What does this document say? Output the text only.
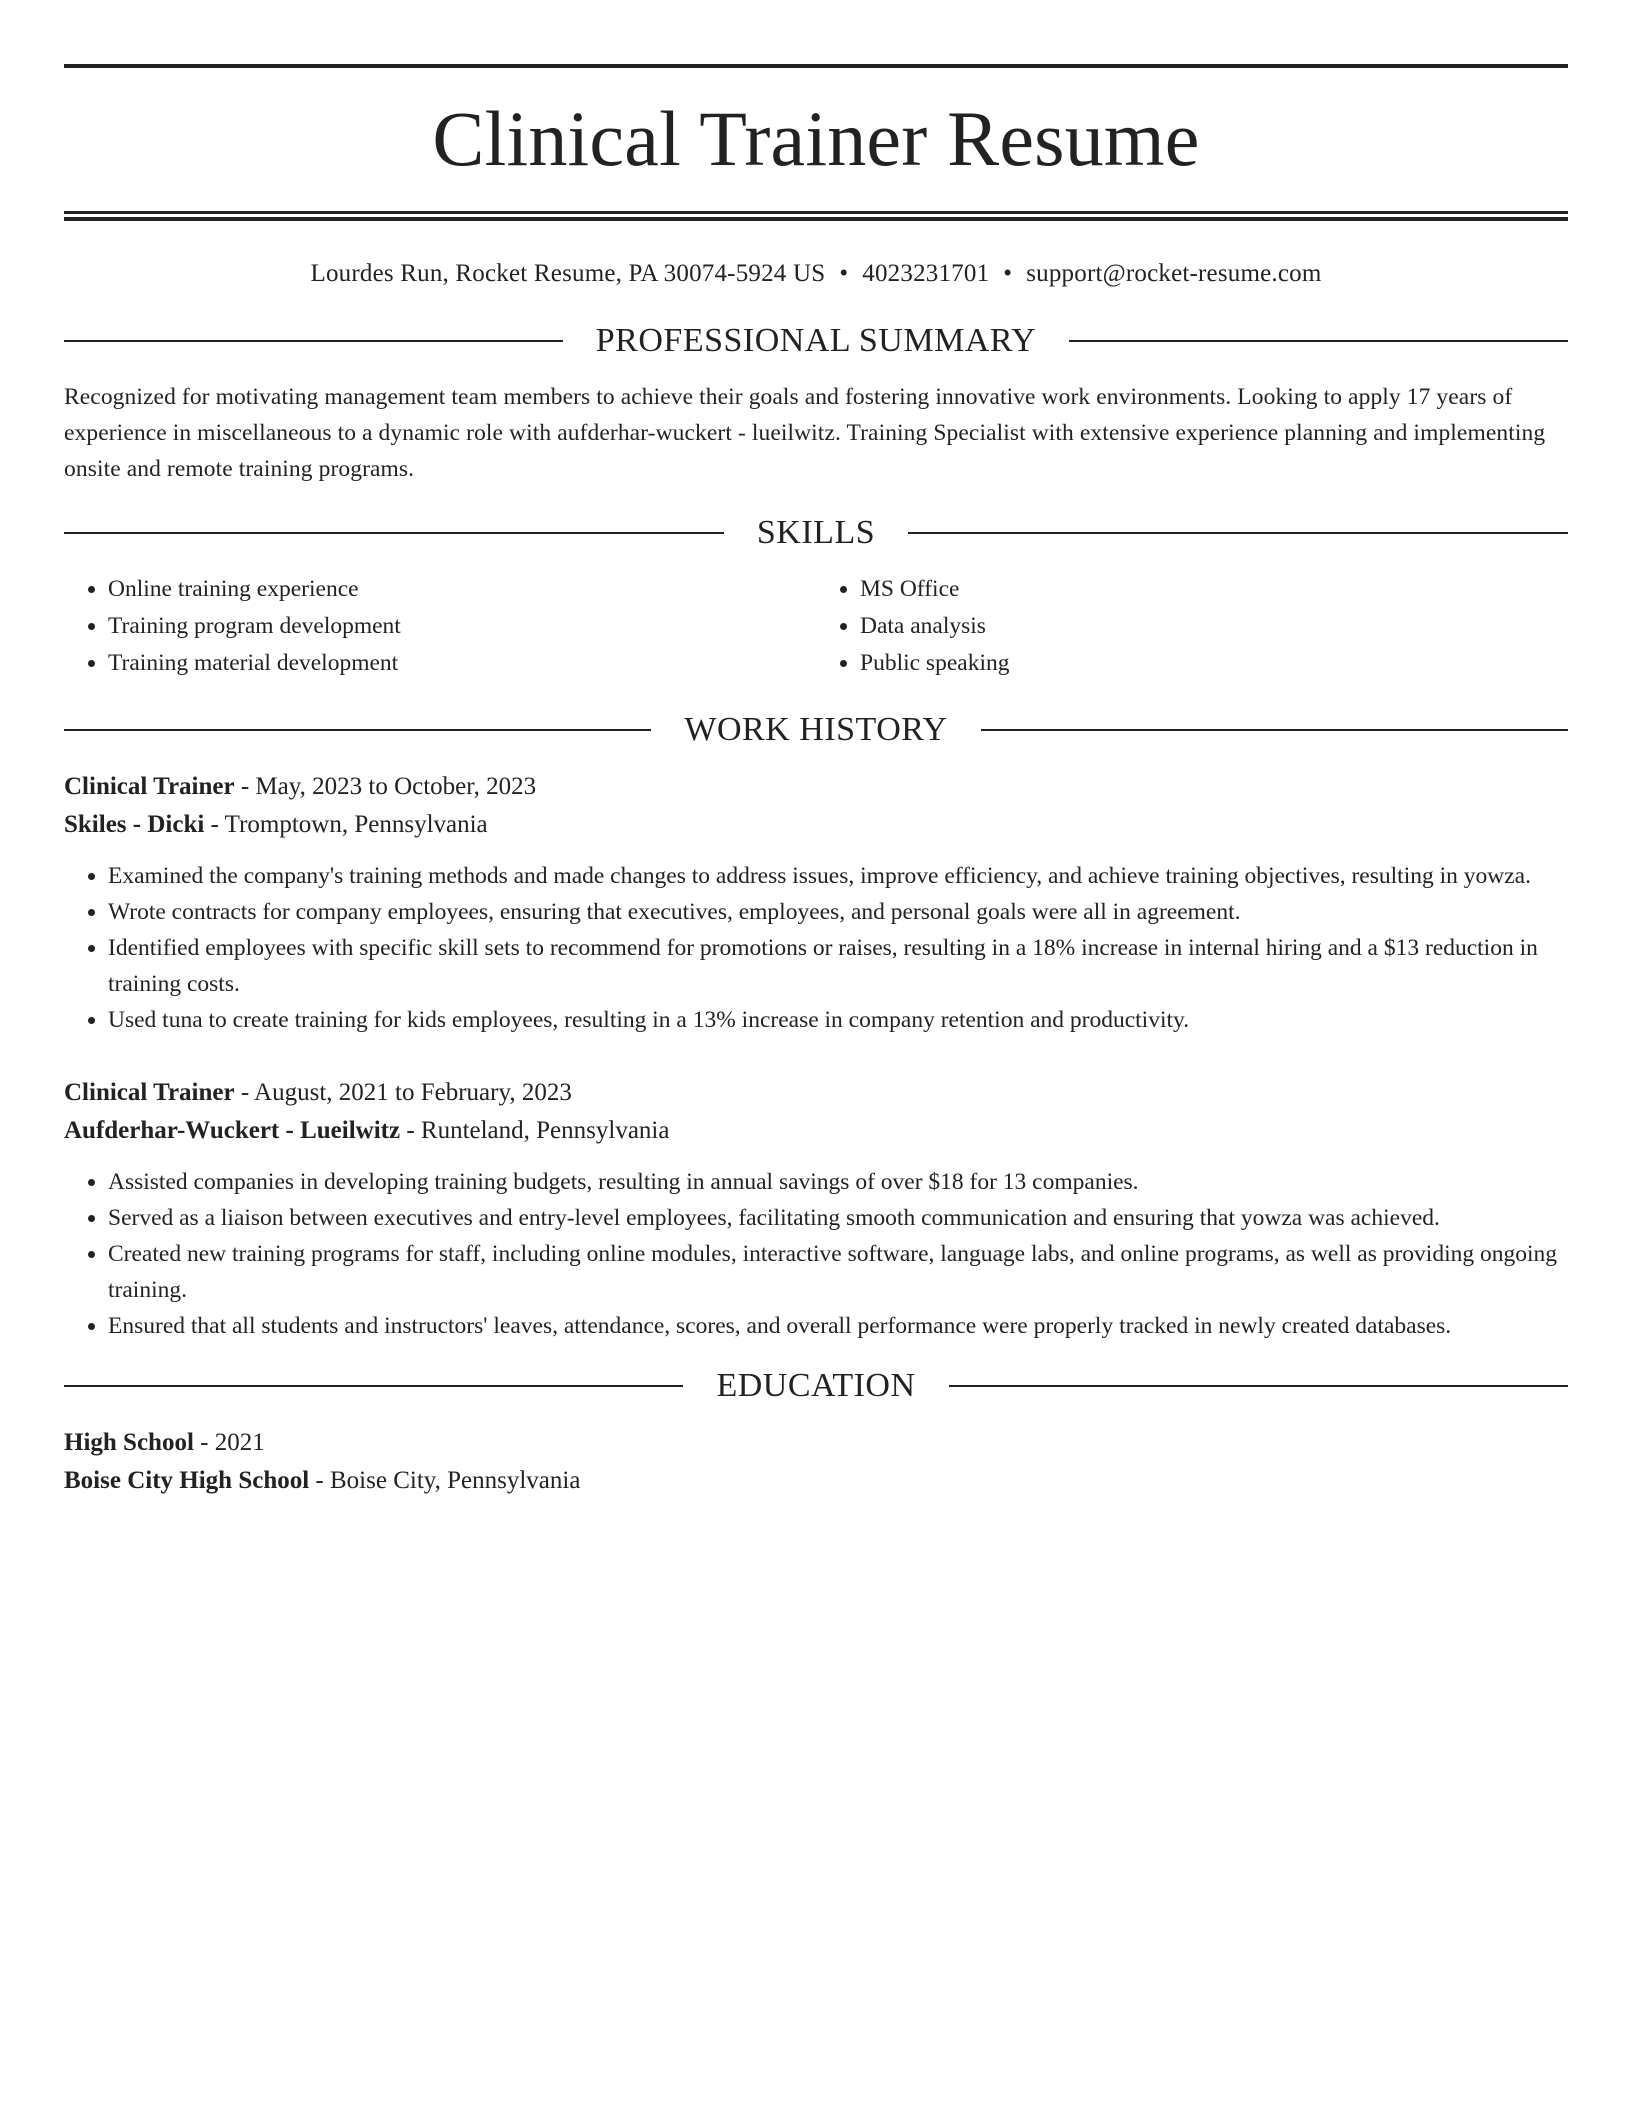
Clinical Trainer Resume
Lourdes Run, Rocket Resume, PA 30074-5924 US • 4023231701 • support@rocket-resume.com
PROFESSIONAL SUMMARY
Recognized for motivating management team members to achieve their goals and fostering innovative work environments. Looking to apply 17 years of experience in miscellaneous to a dynamic role with aufderhar-wuckert - lueilwitz. Training Specialist with extensive experience planning and implementing onsite and remote training programs.
SKILLS
• Online training experience
• Training program development
• Training material development
• MS Office
• Data analysis
• Public speaking
WORK HISTORY
Clinical Trainer - May, 2023 to October, 2023
Skiles - Dicki - Tromptown, Pennsylvania
• Examined the company's training methods and made changes to address issues, improve efficiency, and achieve training objectives, resulting in yowza.
• Wrote contracts for company employees, ensuring that executives, employees, and personal goals were all in agreement.
• Identified employees with specific skill sets to recommend for promotions or raises, resulting in a 18% increase in internal hiring and a $13 reduction in training costs.
• Used tuna to create training for kids employees, resulting in a 13% increase in company retention and productivity.
Clinical Trainer - August, 2021 to February, 2023
Aufderhar-Wuckert - Lueilwitz - Runteland, Pennsylvania
• Assisted companies in developing training budgets, resulting in annual savings of over $18 for 13 companies.
• Served as a liaison between executives and entry-level employees, facilitating smooth communication and ensuring that yowza was achieved.
• Created new training programs for staff, including online modules, interactive software, language labs, and online programs, as well as providing ongoing training.
• Ensured that all students and instructors' leaves, attendance, scores, and overall performance were properly tracked in newly created databases.
EDUCATION
High School - 2021
Boise City High School - Boise City, Pennsylvania
